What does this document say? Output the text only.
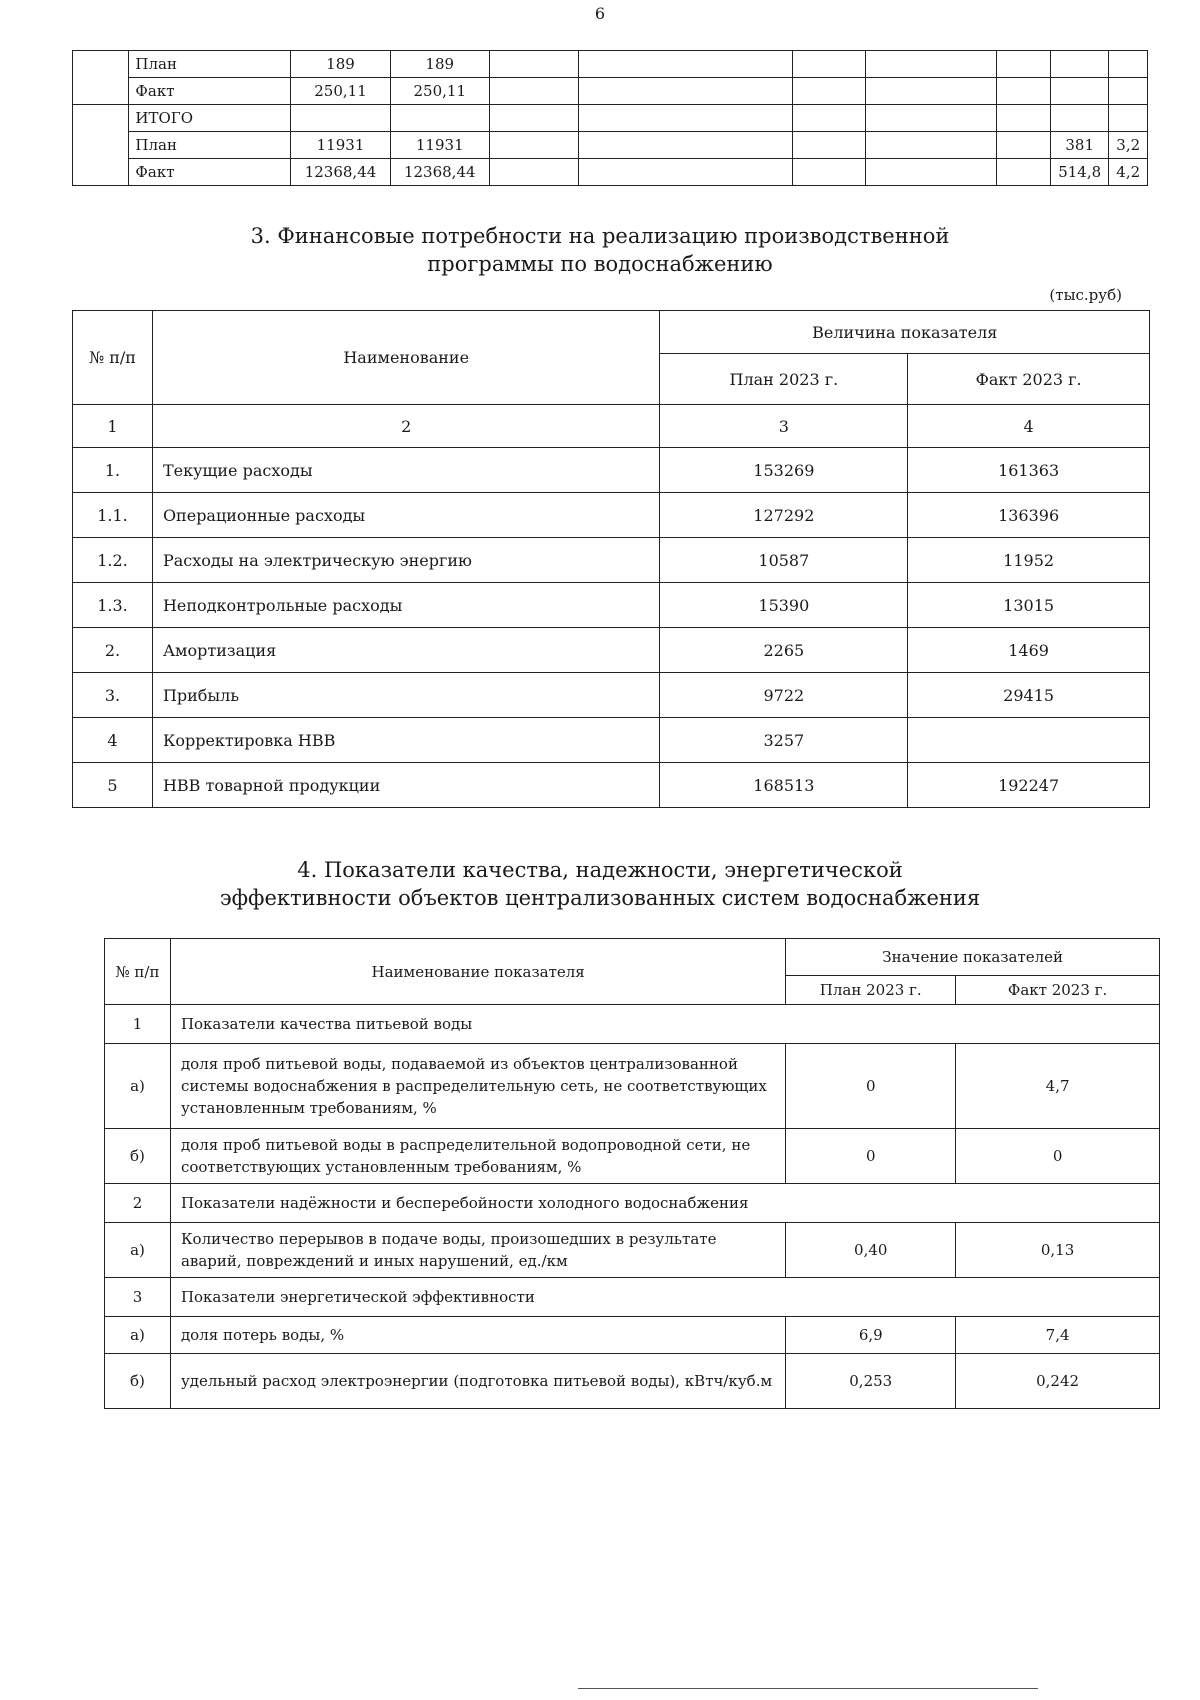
6
	План	189	189							
	Факт	250,11	250,11							
	ИТОГО									
	План	11931	11931						381	3,2
	Факт	12368,44	12368,44						514,8	4,2
3. Финансовые потребности на реализацию производственной
программы по водоснабжению
(тыс.руб)
№ п/п	Наименование	Величина показателя	
		План 2023 г.	Факт 2023 г.
1	2	3	4
1.	Текущие расходы	153269	161363
1.1.	Операционные расходы	127292	136396
1.2.	Расходы на электрическую энергию	10587	11952
1.3.	Неподконтрольные расходы	15390	13015
2.	Амортизация	2265	1469
3.	Прибыль	9722	29415
4	Корректировка НВВ	3257	
5	НВВ товарной продукции	168513	192247
4. Показатели качества, надежности, энергетической
эффективности объектов централизованных систем водоснабжения
№ п/п	Наименование показателя	Значение показателей	
		План 2023 г.	Факт 2023 г.
1	Показатели качества питьевой воды		
а)	доля проб питьевой воды, подаваемой из объектов централизованной системы водоснабжения в распределительную сеть, не соответствующих установленным требованиям, %	0	4,7
б)	доля проб питьевой воды в распределительной водопроводной сети, не соответствующих установленным требованиям, %	0	0
2	Показатели надёжности и бесперебойности холодного водоснабжения		
а)	Количество перерывов в подаче воды, произошедших в результате аварий, повреждений и иных нарушений, ед./км	0,40	0,13
3	Показатели энергетической эффективности		
а)	доля потерь воды, %	6,9	7,4
б)	удельный расход электроэнергии (подготовка питьевой воды), кВтч/куб.м	0,253	0,242
